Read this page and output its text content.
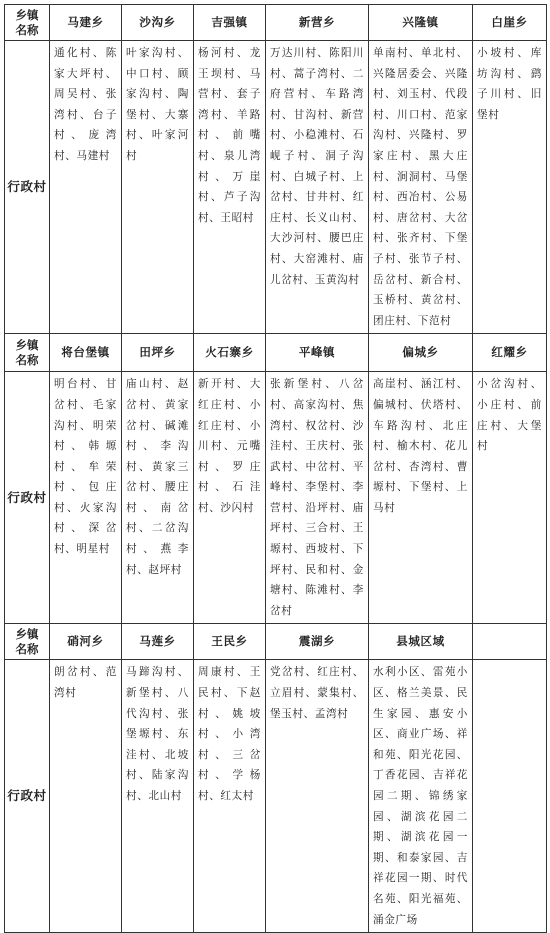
乡镇
名称	马建乡	沙沟乡	吉强镇	新营乡	兴隆镇	白崖乡
行政村	通化村、陈家大坪村、周吴村、张湾村、台子村、庞湾村、马建村	叶家沟村、中口村、顾家沟村、陶堡村、大寨村、叶家河村	杨河村、龙王坝村、马营村、套子湾村、羊路村、前嘴村、泉儿湾村、万崖村、芦子沟村、王昭村	万达川村、陈阳川村、蒿子湾村、二府营村、车路湾村、甘沟村、新营村、小稳滩村、石岘子村、洞子沟村、白城子村、上岔村、甘井村、红庄村、长义山村、大沙河村、腰巴庄村、大窑滩村、庙儿岔村、玉黄沟村	单南村、单北村、兴隆居委会、兴隆村、刘玉村、代段村、川口村、范家沟村、兴隆村、罗家庄村、黑大庄村、涧洞村、马堡村、西冶村、公易村、唐岔村、大岔村、张齐村、下堡子村、张节子村、岳岔村、新合村、玉桥村、黄岔村、团庄村、下范村	小坡村、库坊沟村、鹞子川村、旧堡村
乡镇
名称	将台堡镇	田坪乡	火石寨乡	平峰镇	偏城乡	红耀乡
行政村	明台村、甘岔村、毛家沟村、明荣村、韩塬村、牟荣村、包庄村、火家沟村、深岔村、明星村	庙山村、赵岔村、黄家岔村、碱滩村、李沟村、黄家三岔村、腰庄村、南岔村、二岔沟村、燕李村、赵坪村	新开村、大红庄村、小红庄村、小川村、元嘴村、罗庄村、石洼村、沙闪村	张新堡村、八岔村、高家沟村、焦湾村、权岔村、沙洼村、王庆村、张武村、中岔村、平峰村、李堡村、李营村、沿坪村、庙坪村、三合村、王塬村、西坡村、下坪村、民和村、金塘村、陈滩村、李岔村	高崖村、涵江村、偏城村、伏塔村、车路沟村、北庄村、榆木村、花儿岔村、杏湾村、曹塬村、下堡村、上马村	小岔沟村、小庄村、前庄村、大堡村
乡镇
名称	硝河乡	马莲乡	王民乡	震湖乡	县城区域	
行政村	朗岔村、范湾村	马蹄沟村、新堡村、八代沟村、张堡塬村、东洼村、北坡村、陆家沟村、北山村	周康村、王民村、下赵村、姚坡村、小湾村、三岔村、学杨村、红太村	党岔村、红庄村、立眉村、蒙集村、堡玉村、孟湾村	水利小区、雷苑小区、格兰美景、民生家园、惠安小区、商业广场、祥和苑、阳光花园、丁香花园、吉祥花园二期、锦绣家园、湖滨花园二期、湖滨花园一期、和泰家园、吉祥花园一期、时代名苑、阳光福苑、涌金广场	
